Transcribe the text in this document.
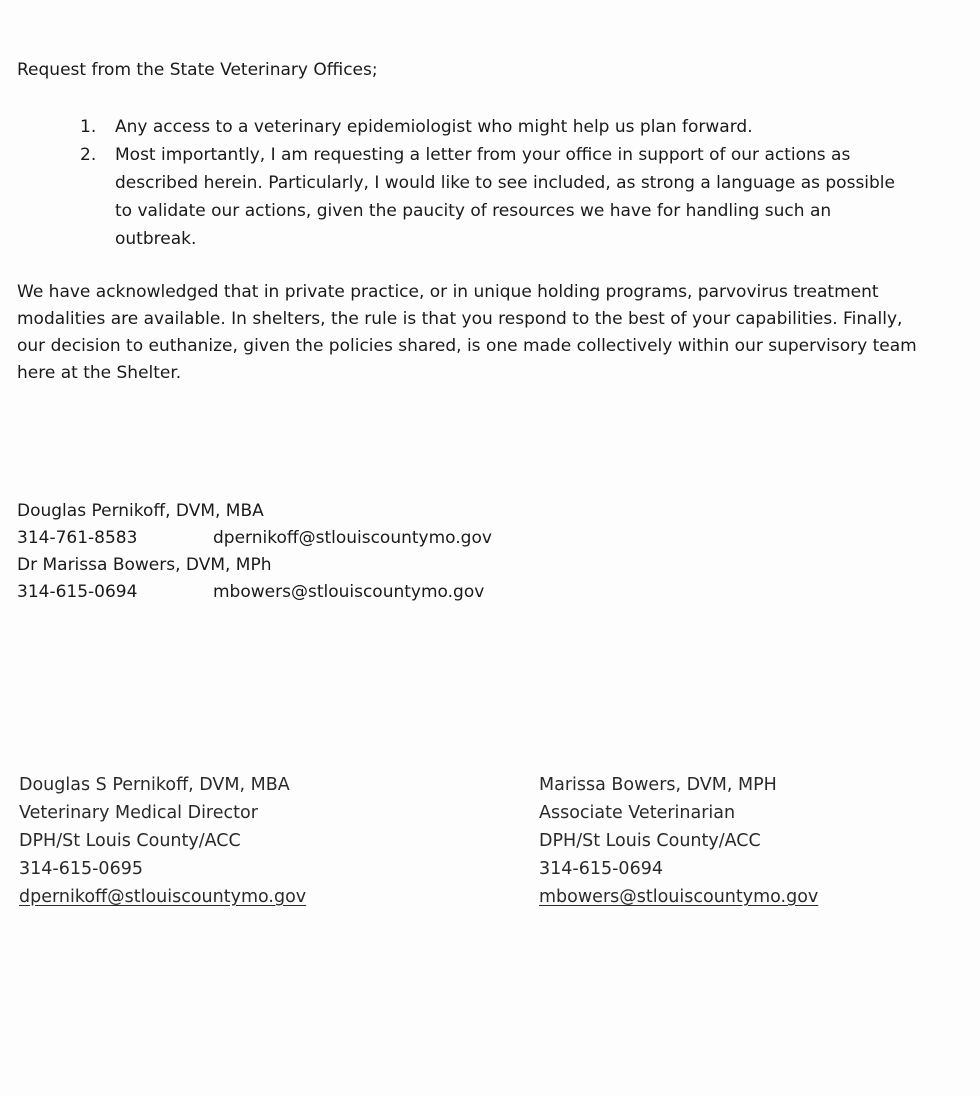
Request from the State Veterinary Offices;

1. Any access to a veterinary epidemiologist who might help us plan forward.
2. Most importantly, I am requesting a letter from your office in support of our actions as described herein. Particularly, I would like to see included, as strong a language as possible to validate our actions, given the paucity of resources we have for handling such an outbreak.

We have acknowledged that in private practice, or in unique holding programs, parvovirus treatment modalities are available. In shelters, the rule is that you respond to the best of your capabilities. Finally, our decision to euthanize, given the policies shared, is one made collectively within our supervisory team here at the Shelter.

Douglas Pernikoff, DVM, MBA
314-761-8583	dpernikoff@stlouiscountymo.gov
Dr Marissa Bowers, DVM, MPh
314-615-0694	mbowers@stlouiscountymo.gov
Douglas S Pernikoff, DVM, MBA
Veterinary Medical Director
DPH/St Louis County/ACC
314-615-0695
dpernikoff@stlouiscountymo.gov
Marissa Bowers, DVM, MPH
Associate Veterinarian
DPH/St Louis County/ACC
314-615-0694
mbowers@stlouiscountymo.gov
